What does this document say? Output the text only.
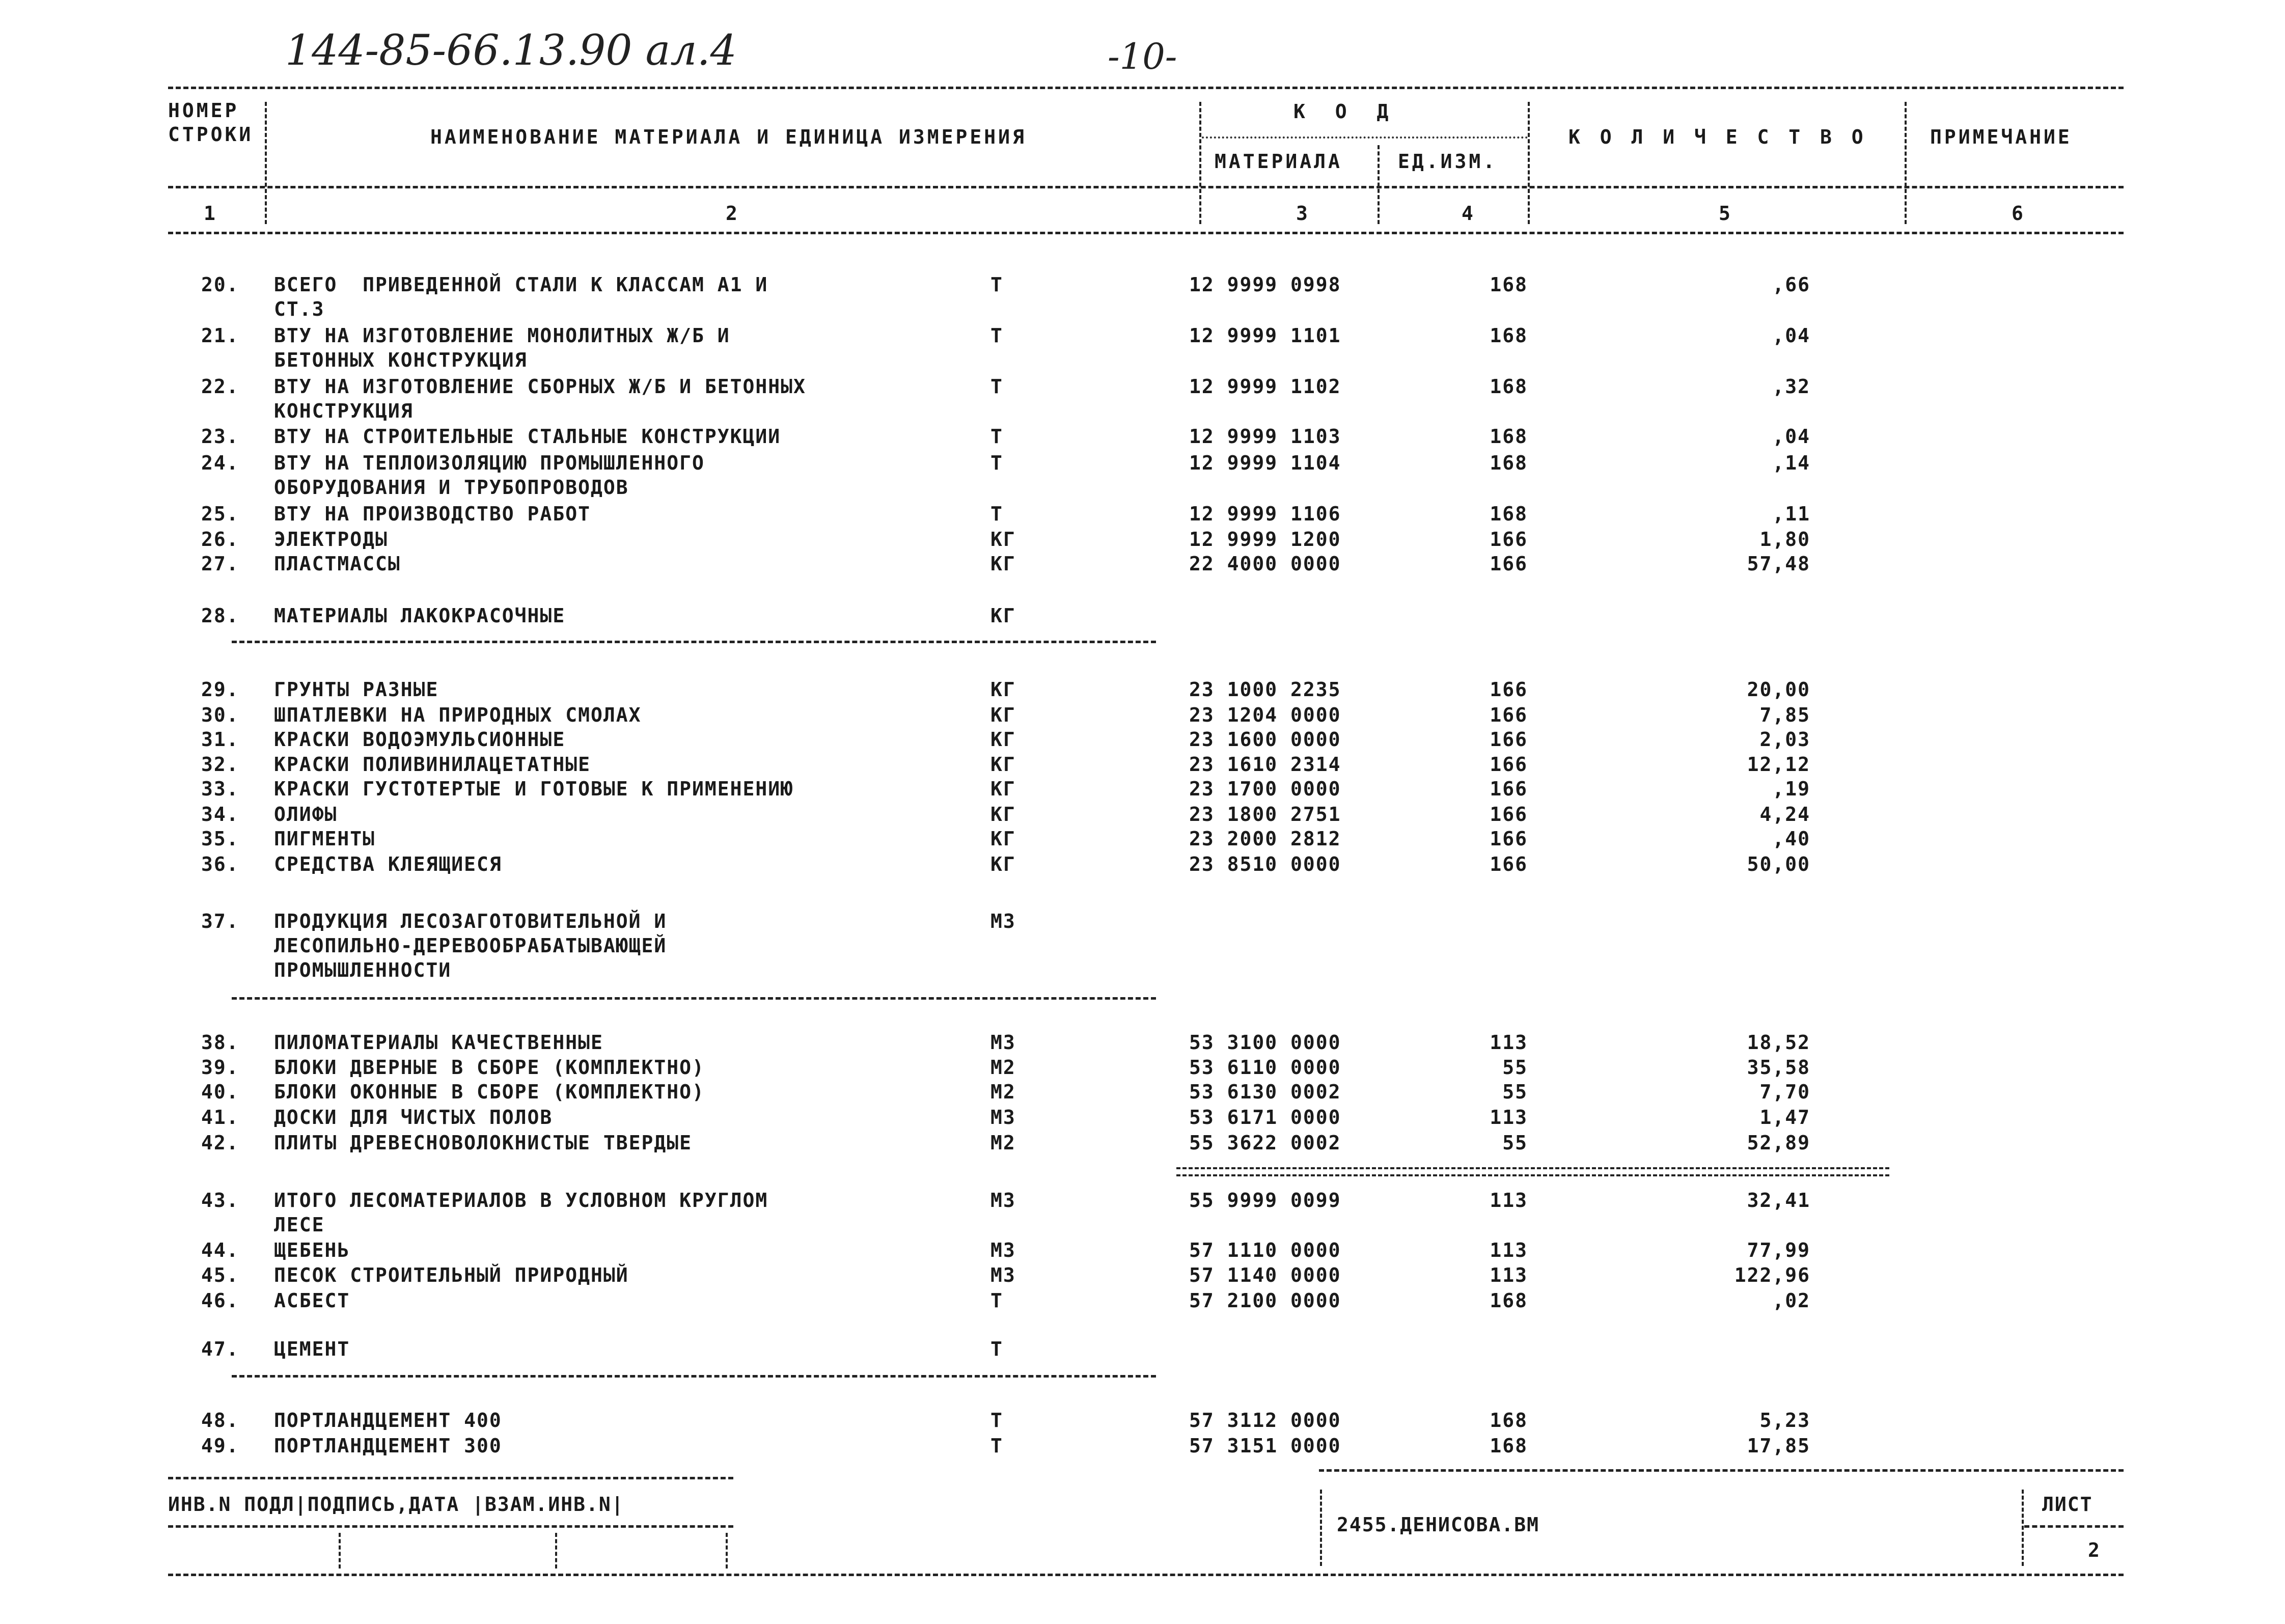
144-85-66.13.90 ал.4	-10-
НОМЕР
СТРОКИ	НАИМЕНОВАНИЕ МАТЕРИАЛА И ЕДИНИЦА ИЗМЕРЕНИЯ
К О Д
МАТЕРИАЛА	ЕД.ИЗМ.
К О Л И Ч Е С Т В О	ПРИМЕЧАНИЕ
1	2	3	4	5	6
20. ВСЕГО  ПРИВЕДЕННОЙ СТАЛИ К КЛАССАМ А1 И
СТ.3
Т	12 9999 0998	168	,66
21. ВТУ НА ИЗГОТОВЛЕНИЕ МОНОЛИТНЫХ Ж/Б И
БЕТОННЫХ КОНСТРУКЦИЯ
Т	12 9999 1101	168	,04
22. ВТУ НА ИЗГОТОВЛЕНИЕ СБОРНЫХ Ж/Б И БЕТОННЫХ
КОНСТРУКЦИЯ
Т	12 9999 1102	168	,32
23. ВТУ НА СТРОИТЕЛЬНЫЕ СТАЛЬНЫЕ КОНСТРУКЦИИ	Т	12 9999 1103	168	,04
24. ВТУ НА ТЕПЛОИЗОЛЯЦИЮ ПРОМЫШЛЕННОГО
ОБОРУДОВАНИЯ И ТРУБОПРОВОДОВ
Т	12 9999 1104	168	,14
25. ВТУ НА ПРОИЗВОДСТВО РАБОТ	Т	12 9999 1106	168	,11
26. ЭЛЕКТРОДЫ	КГ	12 9999 1200	166	1,80
27. ПЛАСТМАССЫ	КГ	22 4000 0000	166	57,48
28. МАТЕРИАЛЫ ЛАКОКРАСОЧНЫЕ	КГ
29. ГРУНТЫ РАЗНЫЕ	КГ	23 1000 2235	166	20,00
30. ШПАТЛЕВКИ НА ПРИРОДНЫХ СМОЛАХ	КГ	23 1204 0000	166	7,85
31. КРАСКИ ВОДОЭМУЛЬСИОННЫЕ	КГ	23 1600 0000	166	2,03
32. КРАСКИ ПОЛИВИНИЛАЦЕТАТНЫЕ	КГ	23 1610 2314	166	12,12
33. КРАСКИ ГУСТОТЕРТЫЕ И ГОТОВЫЕ К ПРИМЕНЕНИЮ	КГ	23 1700 0000	166	,19
34. ОЛИФЫ	КГ	23 1800 2751	166	4,24
35. ПИГМЕНТЫ	КГ	23 2000 2812	166	,40
36. СРЕДСТВА КЛЕЯЩИЕСЯ	КГ	23 8510 0000	166	50,00
37. ПРОДУКЦИЯ ЛЕСОЗАГОТОВИТЕЛЬНОЙ И
ЛЕСОПИЛЬНО-ДЕРЕВООБРАБАТЫВАЮЩЕЙ
ПРОМЫШЛЕННОСТИ
М3
38. ПИЛОМАТЕРИАЛЫ КАЧЕСТВЕННЫЕ	М3	53 3100 0000	113	18,52
39. БЛОКИ ДВЕРНЫЕ В СБОРЕ (КОМПЛЕКТНО)	М2	53 6110 0000	55	35,58
40. БЛОКИ ОКОННЫЕ В СБОРЕ (КОМПЛЕКТНО)	М2	53 6130 0002	55	7,70
41. ДОСКИ ДЛЯ ЧИСТЫХ ПОЛОВ	М3	53 6171 0000	113	1,47
42. ПЛИТЫ ДРЕВЕСНОВОЛОКНИСТЫЕ ТВЕРДЫЕ	М2	55 3622 0002	55	52,89
43. ИТОГО ЛЕСОМАТЕРИАЛОВ В УСЛОВНОМ КРУГЛОМ
ЛЕСЕ
М3	55 9999 0099	113	32,41
44. ЩЕБЕНЬ	М3	57 1110 0000	113	77,99
45. ПЕСОК СТРОИТЕЛЬНЫЙ ПРИРОДНЫЙ	М3	57 1140 0000	113	122,96
46. АСБЕСТ	Т	57 2100 0000	168	,02
47. ЦЕМЕНТ	Т
48. ПОРТЛАНДЦЕМЕНТ 400	Т	57 3112 0000	168	5,23
49. ПОРТЛАНДЦЕМЕНТ 300	Т	57 3151 0000	168	17,85
ИНВ.N ПОДЛ|ПОДПИСЬ,ДАТА |ВЗАМ.ИНВ.N|
2455.ДЕНИСОВА.ВМ
ЛИСТ
2
